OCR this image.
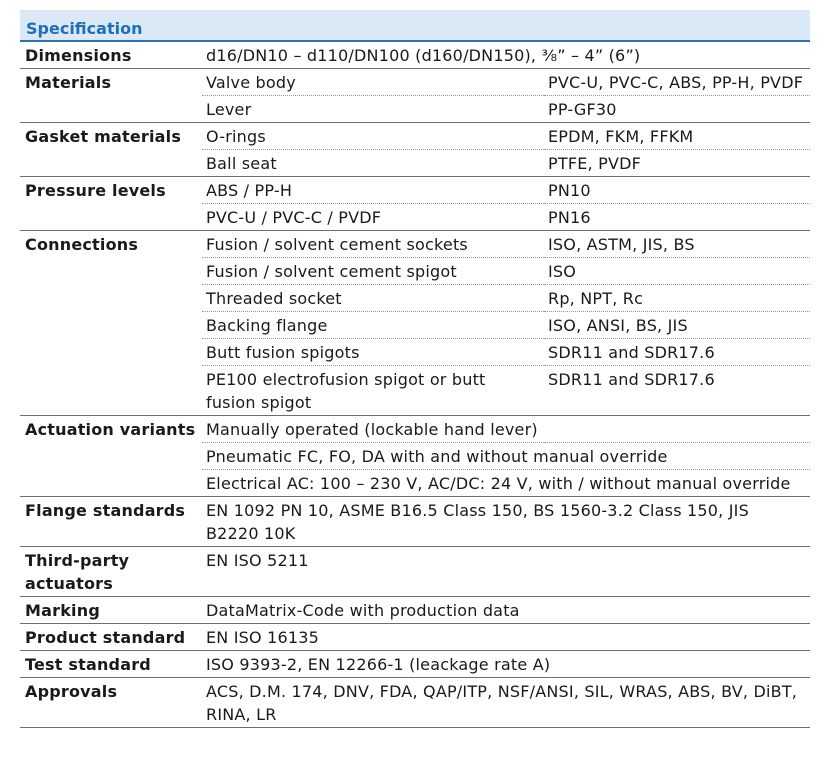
Specification
Dimensions	d16/DN10 – d110/DN100 (d160/DN150), ⅜” – 4” (6”)	
Materials	Valve body	PVC-U, PVC-C, ABS, PP-H, PVDF
	Lever	PP-GF30
Gasket materials	O-rings	EPDM, FKM, FFKM
	Ball seat	PTFE, PVDF
Pressure levels	ABS / PP-H	PN10
	PVC-U / PVC-C / PVDF	PN16
Connections	Fusion / solvent cement sockets	ISO, ASTM, JIS, BS
	Fusion / solvent cement spigot	ISO
	Threaded socket	Rp, NPT, Rc
	Backing flange	ISO, ANSI, BS, JIS
	Butt fusion spigots	SDR11 and SDR17.6
	PE100 electrofusion spigot or butt fusion spigot	SDR11 and SDR17.6
Actuation variants	Manually operated (lockable hand lever)	
	Pneumatic FC, FO, DA with and without manual override	
	Electrical AC: 100 – 230 V, AC/DC: 24 V, with / without manual override	
Flange standards	EN 1092 PN 10, ASME B16.5 Class 150, BS 1560-3.2 Class 150, JIS B2220 10K	
Third-party actuators	EN ISO 5211	
Marking	DataMatrix-Code with production data	
Product standard	EN ISO 16135	
Test standard	ISO 9393-2, EN 12266-1 (leackage rate A)	
Approvals	ACS, D.M. 174, DNV, FDA, QAP/ITP, NSF/ANSI, SIL, WRAS, ABS, BV, DiBT, RINA, LR	
